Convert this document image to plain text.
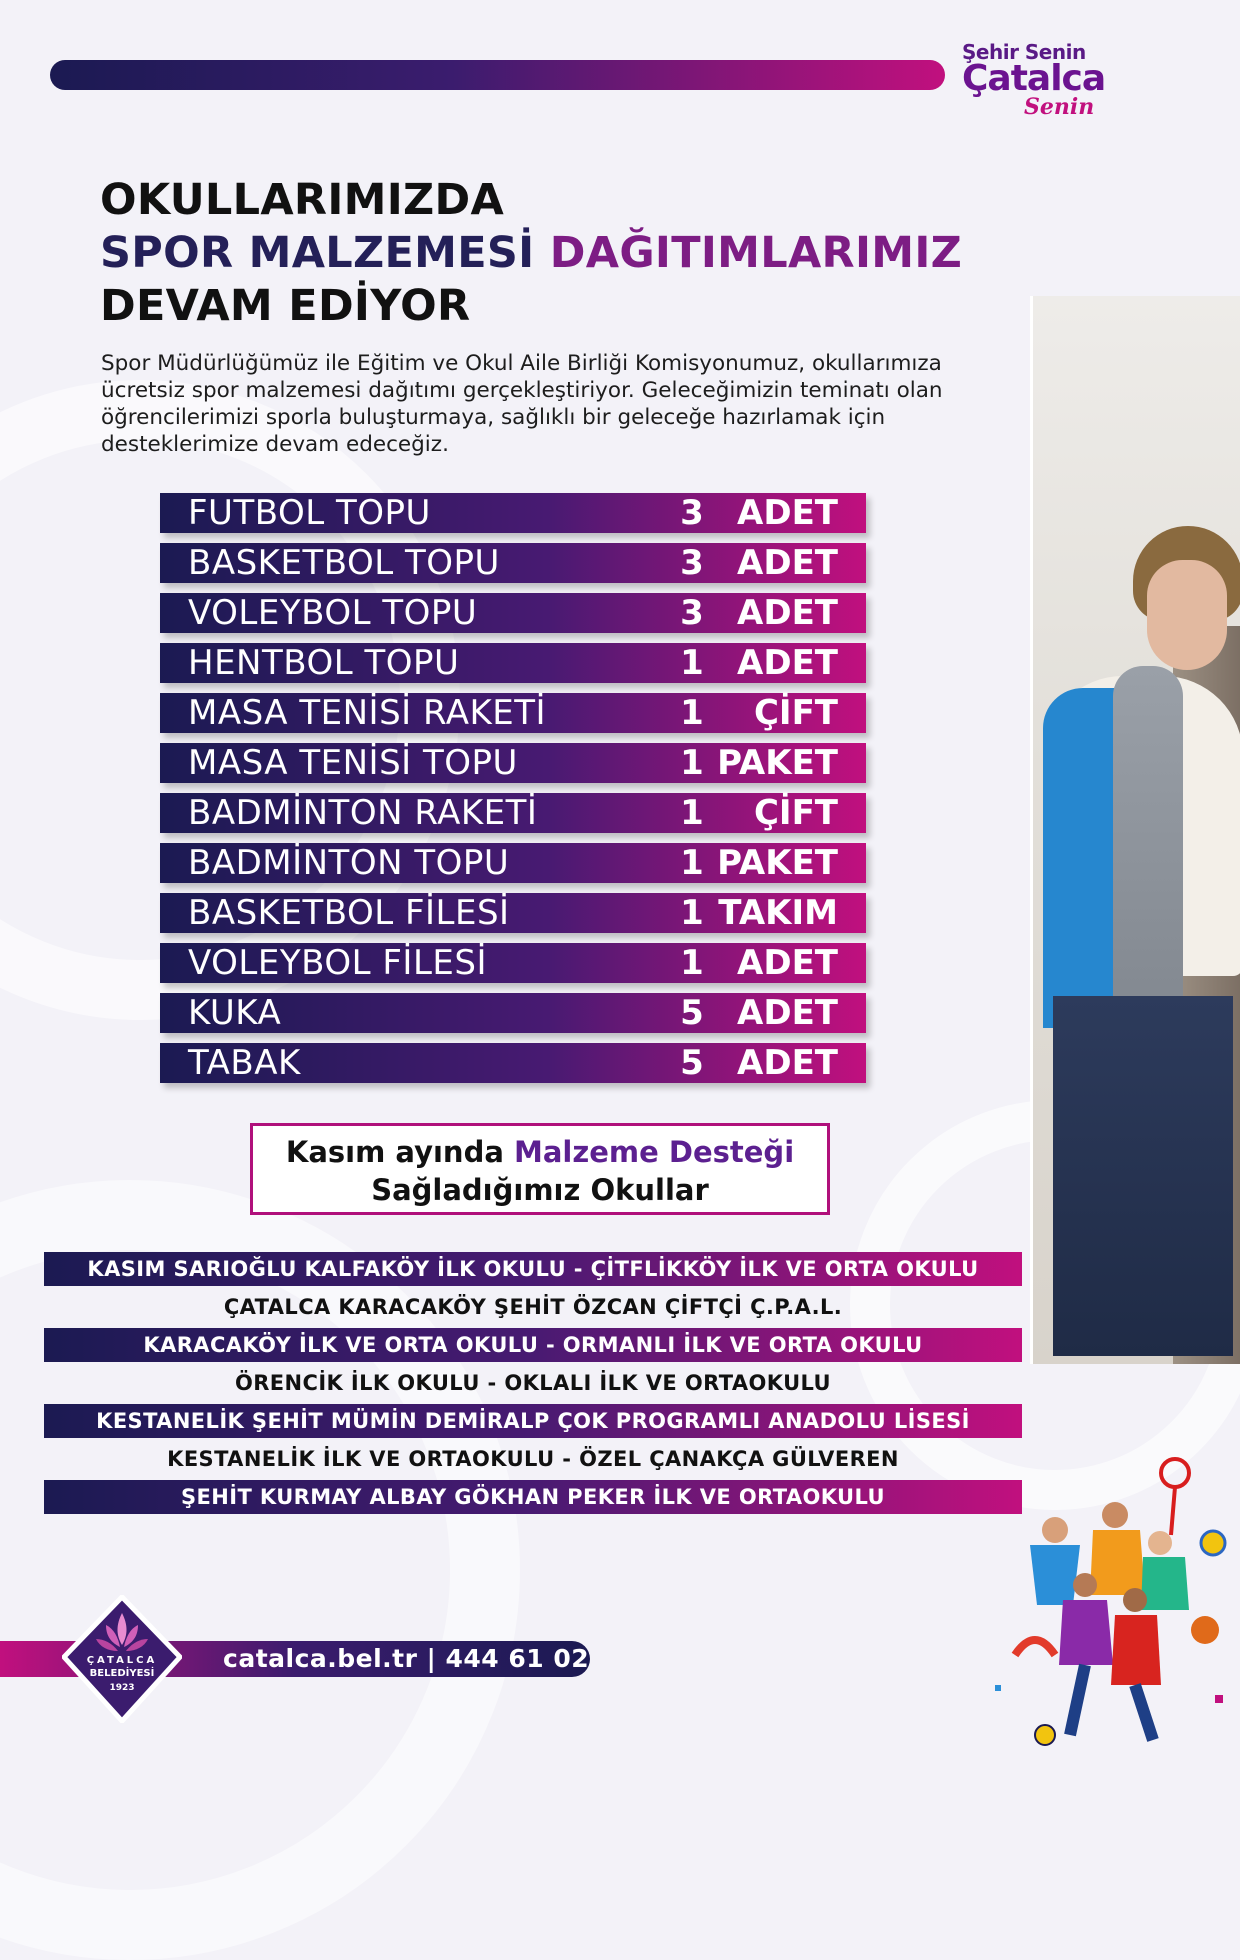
Şehir Senin
Çatalca
Senin
OKULLARIMIZDA
SPOR MALZEMESİ DAĞITIMLARIMIZ
DEVAM EDİYOR
Spor Müdürlüğümüz ile Eğitim ve Okul Aile Birliği Komisyonumuz, okullarımıza ücretsiz spor malzemesi dağıtımı gerçekleştiriyor. Geleceğimizin teminatı olan öğrencilerimizi sporla buluşturmaya, sağlıklı bir geleceğe hazırlamak için desteklerimize devam edeceğiz.
FUTBOL TOPU	3 ADET
BASKETBOL TOPU	3 ADET
VOLEYBOL TOPU	3 ADET
HENTBOL TOPU	1 ADET
MASA TENİSİ RAKETİ	1	ÇİFT
MASA TENİSİ TOPU	1 PAKET
BADMİNTON RAKETİ	1	ÇİFT
BADMİNTON TOPU	1 PAKET
BASKETBOL FİLESİ	1 TAKIM
VOLEYBOL FİLESİ	1 ADET
KUKA	5 ADET
TABAK	5 ADET
Kasım ayında Malzeme Desteği
Sağladığımız Okullar
KASIM SARIOĞLU KALFAKÖY İLK OKULU - ÇİTFLİKKÖY İLK VE ORTA OKULU
ÇATALCA KARACAKÖY ŞEHİT ÖZCAN ÇİFTÇİ Ç.P.A.L.
KARACAKÖY İLK VE ORTA OKULU - ORMANLI İLK VE ORTA OKULU
ÖRENCİK İLK OKULU - OKLALI İLK VE ORTAOKULU
KESTANELİK ŞEHİT MÜMİN DEMİRALP ÇOK PROGRAMLI ANADOLU LİSESİ
KESTANELİK İLK VE ORTAOKULU - ÖZEL ÇANAKÇA GÜLVEREN
ŞEHİT KURMAY ALBAY GÖKHAN PEKER İLK VE ORTAOKULU
catalca.bel.tr | 444 61 02
ÇATALCA
BELEDİYESİ
1923
